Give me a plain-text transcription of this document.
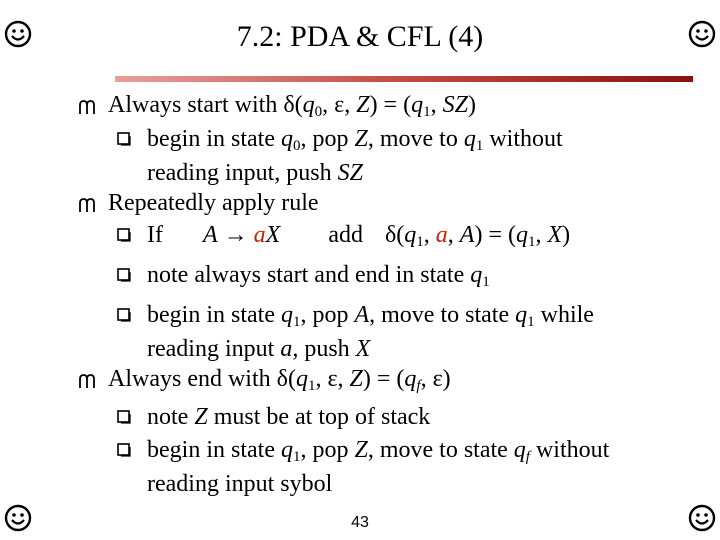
7.2: PDA & CFL (4)
Always start with $\delta(q_0$, ε, $Z) = (q_1$, SZ)
begin in state $q_0$, pop Z, move to $q_1$ without
reading input, push SZ
Repeatedly apply rule
If A → aX add $\delta(q_1$, a, $A) = (q_1$, X)
note always start and end in state $q_1$
begin in state $q_1$, pop A, move to state $q_1$ while
reading input a, push X
Always end with $\delta(q_1$, ε, $Z) = (q_f$, ε)
note Z must be at top of stack
begin in state $q_1$, pop Z, move to state $q_f$ without
reading input sybol
43
